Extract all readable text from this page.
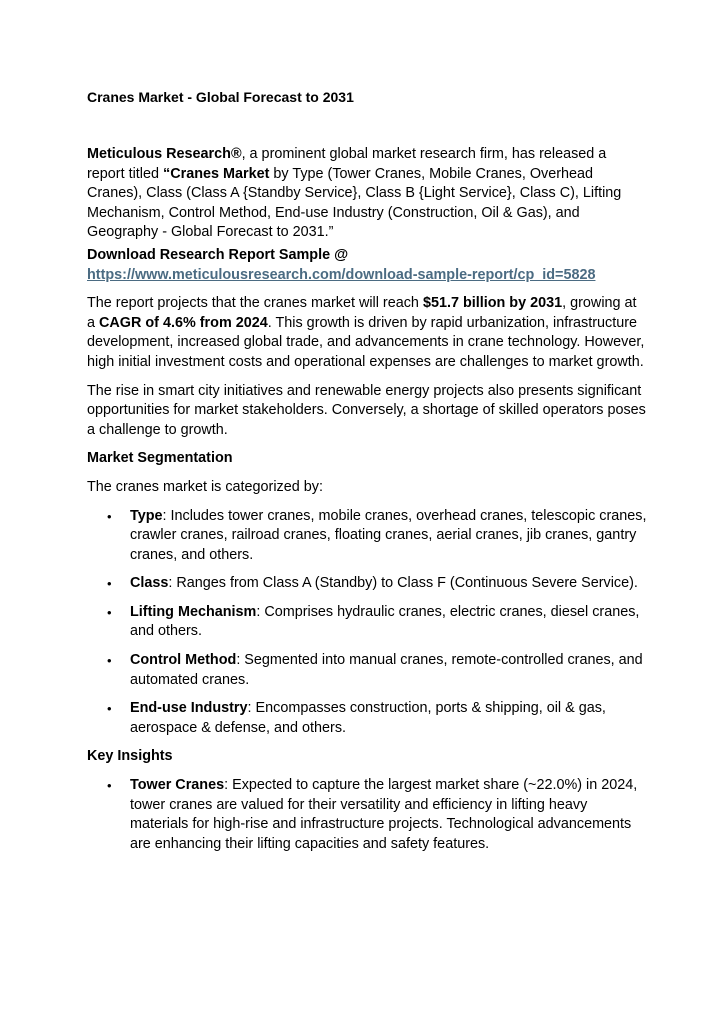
Cranes Market - Global Forecast to 2031

Meticulous Research®, a prominent global market research firm, has released a report titled “Cranes Market by Type (Tower Cranes, Mobile Cranes, Overhead Cranes), Class (Class A {Standby Service}, Class B {Light Service}, Class C), Lifting Mechanism, Control Method, End-use Industry (Construction, Oil & Gas), and Geography - Global Forecast to 2031.”

Download Research Report Sample @

https://www.meticulousresearch.com/download-sample-report/cp_id=5828

The report projects that the cranes market will reach $51.7 billion by 2031, growing at a CAGR of 4.6% from 2024. This growth is driven by rapid urbanization, infrastructure development, increased global trade, and advancements in crane technology. However, high initial investment costs and operational expenses are challenges to market growth.

The rise in smart city initiatives and renewable energy projects also presents significant opportunities for market stakeholders. Conversely, a shortage of skilled operators poses a challenge to growth.

Market Segmentation

The cranes market is categorized by:

• Type: Includes tower cranes, mobile cranes, overhead cranes, telescopic cranes, crawler cranes, railroad cranes, floating cranes, aerial cranes, jib cranes, gantry cranes, and others.
• Class: Ranges from Class A (Standby) to Class F (Continuous Severe Service).
• Lifting Mechanism: Comprises hydraulic cranes, electric cranes, diesel cranes, and others.
• Control Method: Segmented into manual cranes, remote-controlled cranes, and automated cranes.
• End-use Industry: Encompasses construction, ports & shipping, oil & gas, aerospace & defense, and others.
Key Insights
• Tower Cranes: Expected to capture the largest market share (~22.0%) in 2024, tower cranes are valued for their versatility and efficiency in lifting heavy materials for high-rise and infrastructure projects. Technological advancements are enhancing their lifting capacities and safety features.
